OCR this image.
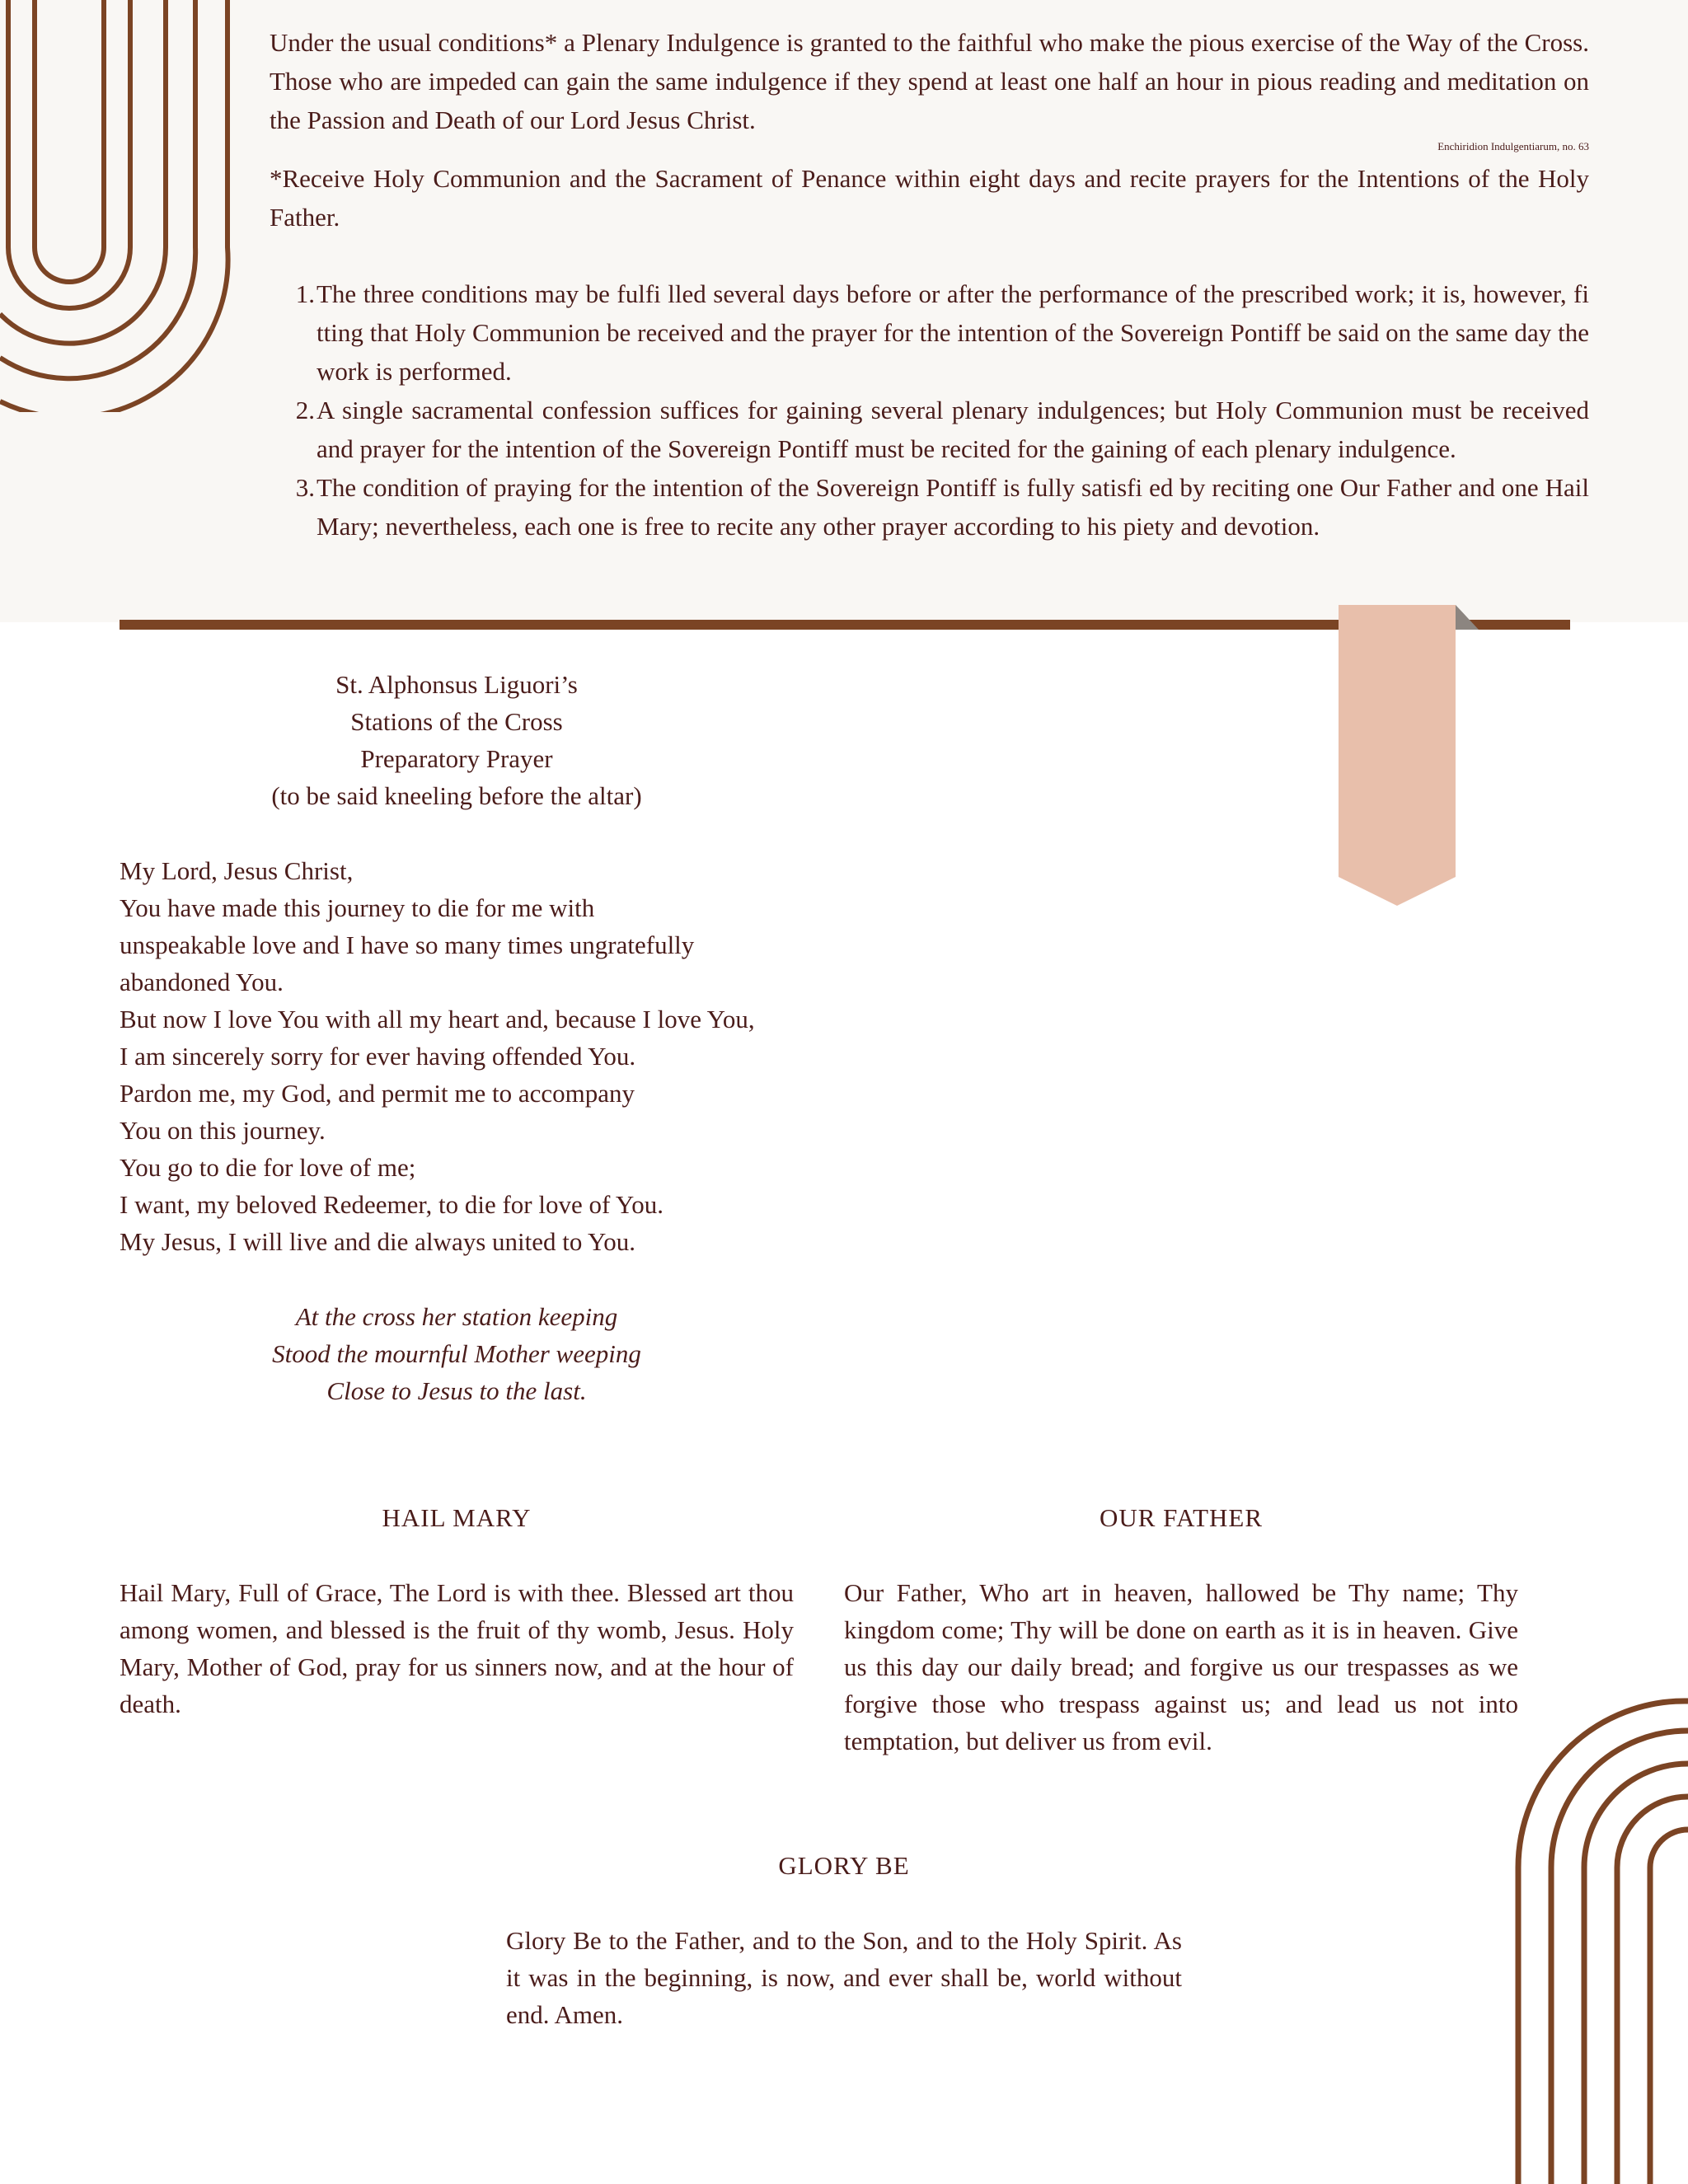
Under the usual conditions* a Plenary Indulgence is granted to the faithful who make the pious exercise of the Way of the Cross. Those who are impeded can gain the same indulgence if they spend at least one half an hour in pious reading and meditation on the Passion and Death of our Lord Jesus Christ.

Enchiridion Indulgentiarum, no. 63

*Receive Holy Communion and the Sacrament of Penance within eight days and recite prayers for the Intentions of the Holy Father.

1. The three conditions may be fulfi lled several days before or after the performance of the prescribed work; it is, however, fi tting that Holy Communion be received and the prayer for the intention of the Sovereign Pontiff be said on the same day the work is performed.
2. A single sacramental confession suffices for gaining several plenary indulgences; but Holy Communion must be received and prayer for the intention of the Sovereign Pontiff must be recited for the gaining of each plenary indulgence.
3. The condition of praying for the intention of the Sovereign Pontiff is fully satisfi ed by reciting one Our Father and one Hail Mary; nevertheless, each one is free to recite any other prayer according to his piety and devotion.
St. Alphonsus Liguori’s
Stations of the Cross
Preparatory Prayer
(to be said kneeling before the altar)
My Lord, Jesus Christ,
You have made this journey to die for me with
unspeakable love and I have so many times ungratefully
abandoned You.
But now I love You with all my heart and, because I love You,
I am sincerely sorry for ever having offended You.
Pardon me, my God, and permit me to accompany
You on this journey.
You go to die for love of me;
I want, my beloved Redeemer, to die for love of You.
My Jesus, I will live and die always united to You.
At the cross her station keeping
Stood the mournful Mother weeping
Close to Jesus to the last.
HAIL MARY

Hail Mary, Full of Grace, The Lord is with thee. Blessed art thou among women, and blessed is the fruit of thy womb, Jesus. Holy Mary, Mother of God, pray for us sinners now, and at the hour of death.

OUR FATHER

Our Father, Who art in heaven, hallowed be Thy name; Thy kingdom come; Thy will be done on earth as it is in heaven. Give us this day our daily bread; and forgive us our trespasses as we forgive those who trespass against us; and lead us not into temptation, but deliver us from evil.

GLORY BE

Glory Be to the Father, and to the Son, and to the Holy Spirit. As it was in the beginning, is now, and ever shall be, world without end. Amen.
